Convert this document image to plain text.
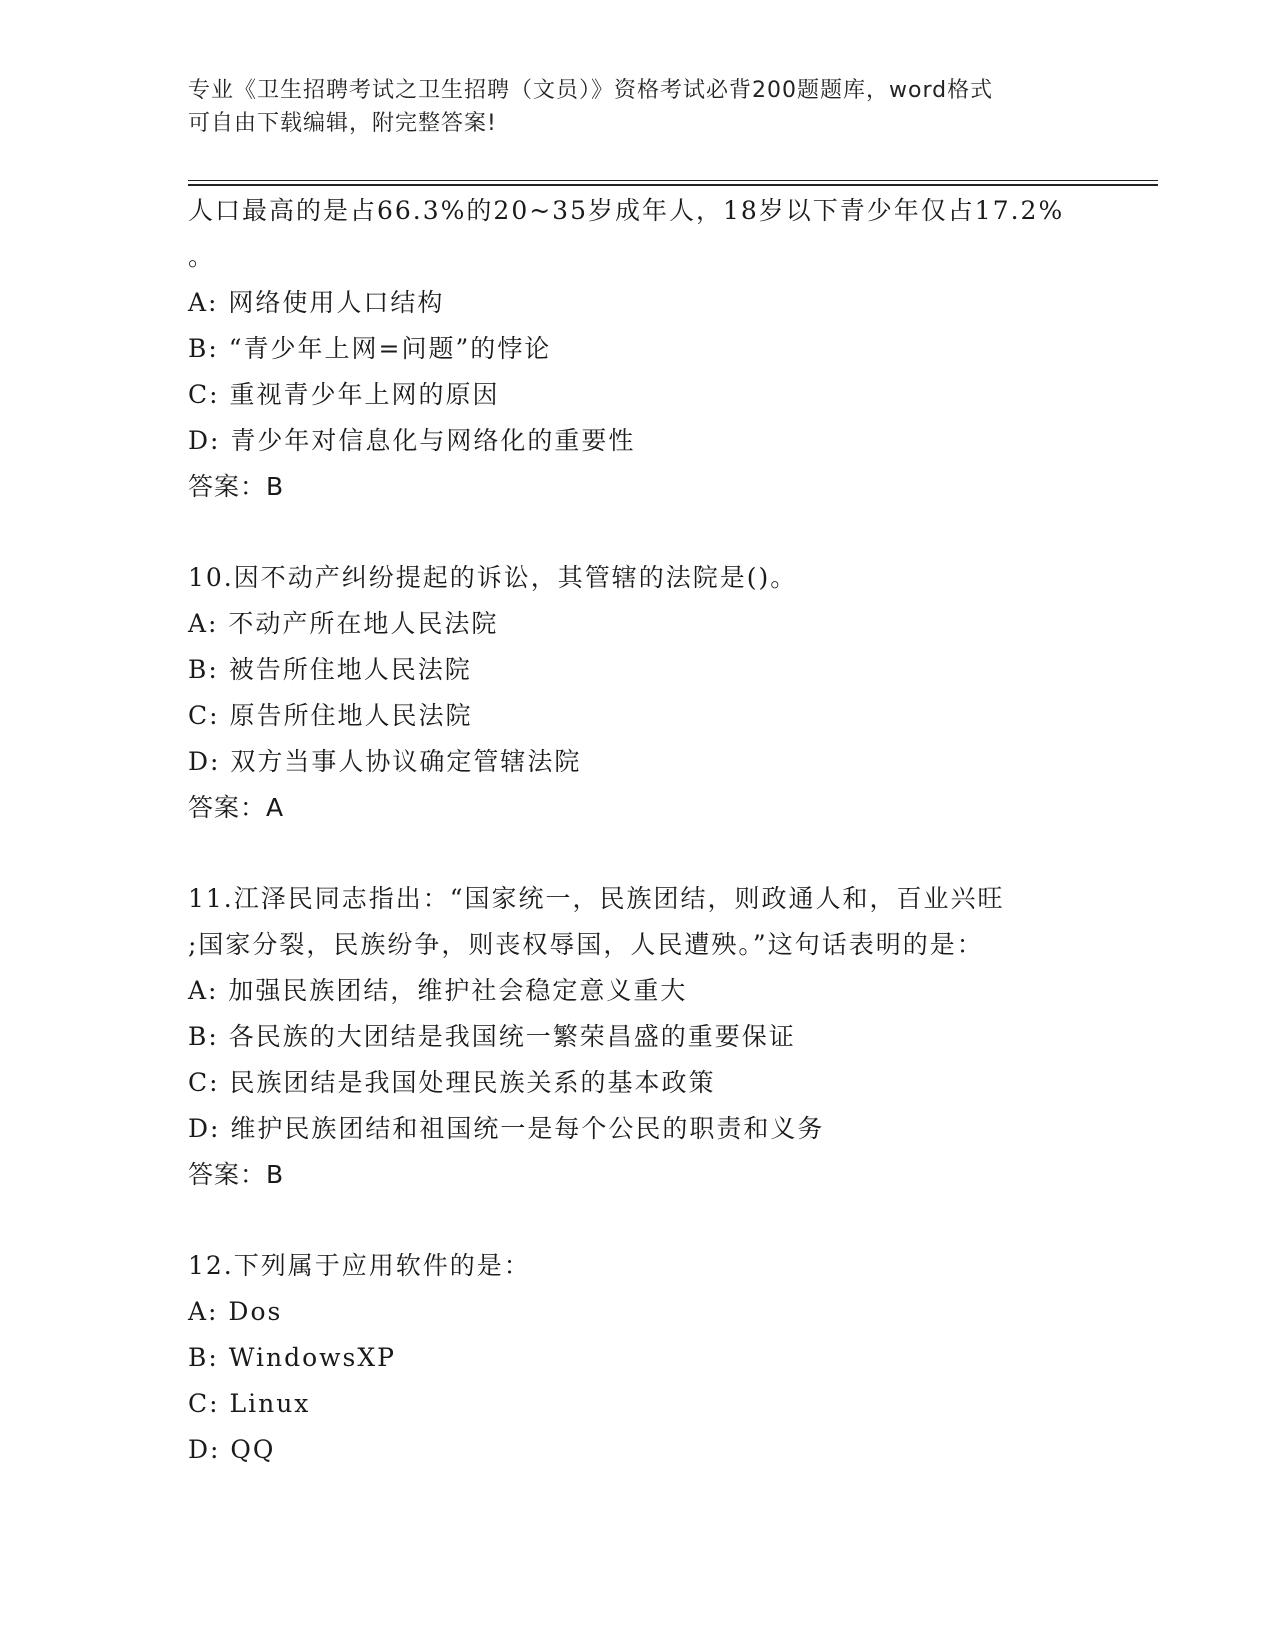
专业《卫生招聘考试之卫生招聘（文员）》资格考试必背200题题库，word格式
可自由下载编辑，附完整答案!
人口最高的是占66.3%的20~35岁成年人，18岁以下青少年仅占17.2%
。
A: 网络使用人口结构
B: “青少年上网=问题”的悖论
C: 重视青少年上网的原因
D: 青少年对信息化与网络化的重要性
答案：B
10.因不动产纠纷提起的诉讼，其管辖的法院是()。
A: 不动产所在地人民法院
B: 被告所住地人民法院
C: 原告所住地人民法院
D: 双方当事人协议确定管辖法院
答案：A
11.江泽民同志指出：“国家统一，民族团结，则政通人和，百业兴旺
;国家分裂，民族纷争，则丧权辱国，人民遭殃。”这句话表明的是：
A: 加强民族团结，维护社会稳定意义重大
B: 各民族的大团结是我国统一繁荣昌盛的重要保证
C: 民族团结是我国处理民族关系的基本政策
D: 维护民族团结和祖国统一是每个公民的职责和义务
答案：B
12.下列属于应用软件的是：
A: Dos
B: WindowsXP
C: Linux
D: QQ
